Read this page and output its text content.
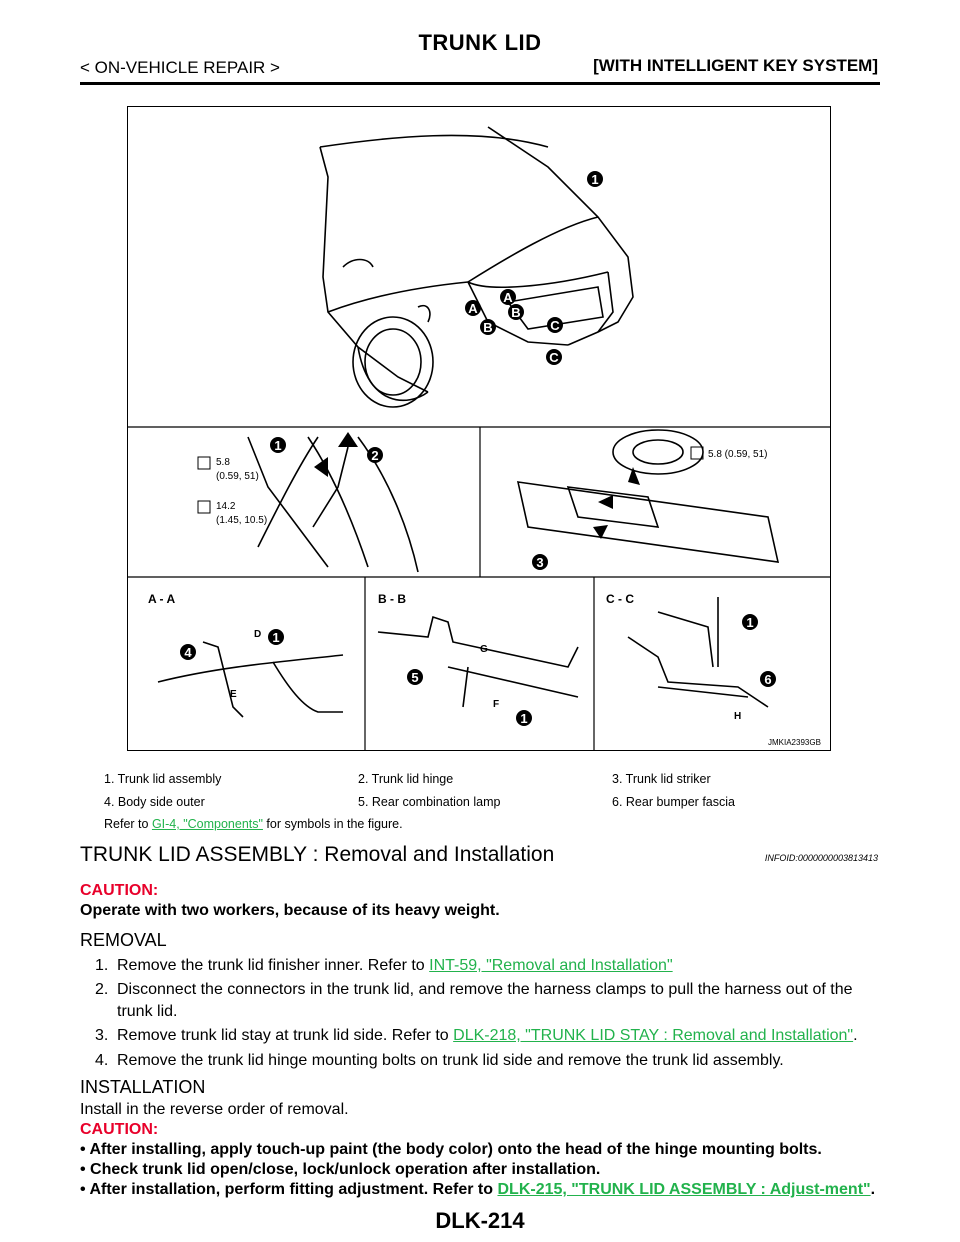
TRUNK LID
< ON-VEHICLE REPAIR >	[WITH INTELLIGENT KEY SYSTEM]
1
1
2
3
4
1
5
1
1
6
A
A
B
B
C
C
D
E
F
G
H
5.8
(0.59, 51)
14.2
(1.45, 10.5)
5.8 (0.59, 51)
A - A	B - B	C - C
JMKIA2393GB
1. Trunk lid assembly	2. Trunk lid hinge	3. Trunk lid striker
4. Body side outer	5. Rear combination lamp	6. Rear bumper fascia
Refer to GI-4, "Components" for symbols in the figure.
TRUNK LID ASSEMBLY : Removal and Installation	INFOID:0000000003813413
CAUTION:
Operate with two workers, because of its heavy weight.
REMOVAL
1. Remove the trunk lid finisher inner. Refer to INT-59, "Removal and Installation"
2. Disconnect the connectors in the trunk lid, and remove the harness clamps to pull the harness out of the trunk lid.
3. Remove trunk lid stay at trunk lid side. Refer to DLK-218, "TRUNK LID STAY : Removal and Installation".
4. Remove the trunk lid hinge mounting bolts on trunk lid side and remove the trunk lid assembly.
INSTALLATION
Install in the reverse order of removal.
CAUTION:
• After installing, apply touch-up paint (the body color) onto the head of the hinge mounting bolts.
• Check trunk lid open/close, lock/unlock operation after installation.
• After installation, perform fitting adjustment. Refer to DLK-215, "TRUNK LID ASSEMBLY : Adjust-ment".
DLK-214
